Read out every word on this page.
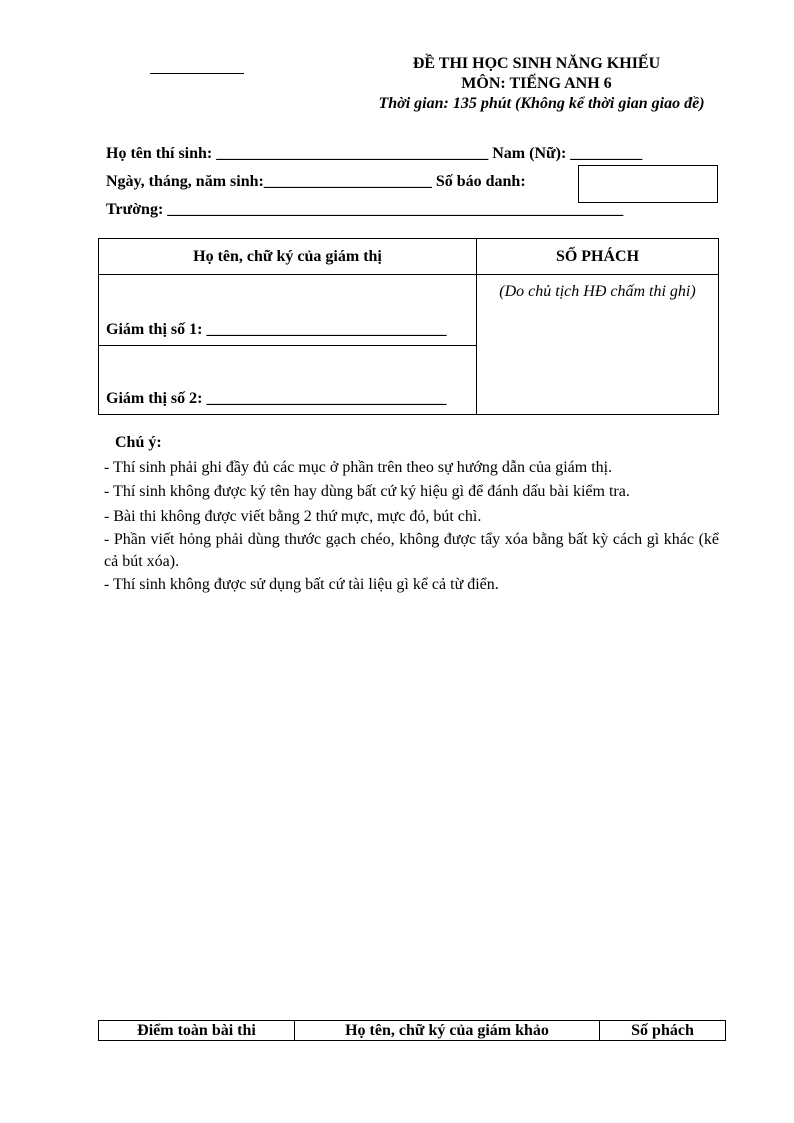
ĐỀ THI HỌC SINH NĂNG KHIẾU
MÔN: TIẾNG ANH 6
Thời gian: 135 phút (Không kể thời gian giao đề)
Họ tên thí sinh: __________________________________ Nam (Nữ): _________
Ngày, tháng, năm sinh:_____________________ Số báo danh:
Trường: _________________________________________________________
Họ tên, chữ ký của giám thị	SỐ PHÁCH
Giám thị số 1: ______________________________	(Do chủ tịch HĐ chấm thi ghi)
Giám thị số 2: ______________________________	

Chú ý:

- Thí sinh phải ghi đầy đủ các mục ở phần trên theo sự hướng dẫn của giám thị.

- Thí sinh không được ký tên hay dùng bất cứ ký hiệu gì để đánh dấu bài kiểm tra.

- Bài thi không được viết bằng 2 thứ mực, mực đỏ, bút chì.

- Phần viết hỏng phải dùng thước gạch chéo, không được tẩy xóa bằng bất kỳ cách gì khác (kể cả bút xóa).

- Thí sinh không được sử dụng bất cứ tài liệu gì kể cả từ điển.

Điểm toàn bài thi	Họ tên, chữ ký của giám khảo	Số phách
